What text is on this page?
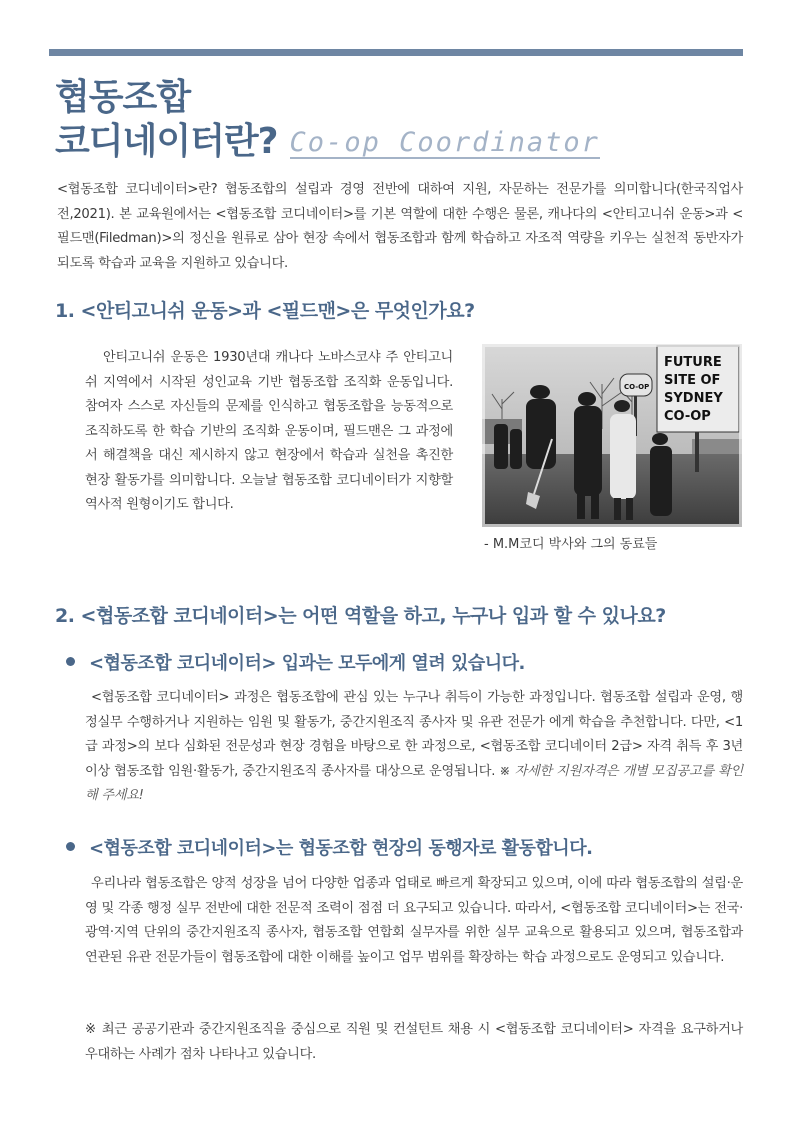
협동조합
코디네이터란? Co-op Coordinator

<협동조합 코디네이터>란? 협동조합의 설립과 경영 전반에 대하여 지원, 자문하는 전문가를 의미합니다(한국직업사전,2021). 본 교육원에서는 <협동조합 코디네이터>를 기본 역할에 대한 수행은 물론, 캐나다의 <안티고니쉬 운동>과 <필드맨(Filedman)>의 정신을 원류로 삼아 현장 속에서 협동조합과 함께 학습하고 자조적 역량을 키우는 실천적 동반자가 되도록 학습과 교육을 지원하고 있습니다.

1. <안티고니쉬 운동>과 <필드맨>은 무엇인가요?

안티고니쉬 운동은 1930년대 캐나다 노바스코샤 주 안티고니쉬 지역에서 시작된 성인교육 기반 협동조합 조직화 운동입니다. 참여자 스스로 자신들의 문제를 인식하고 협동조합을 능동적으로 조직하도록 한 학습 기반의 조직화 운동이며, 필드맨은 그 과정에서 해결책을 대신 제시하지 않고 현장에서 학습과 실천을 촉진한 현장 활동가를 의미합니다. 오늘날 협동조합 코디네이터가 지향할 역사적 원형이기도 합니다.

FUTURE
SITE OF
SYDNEY
CO-OP
CO-OP
- M.M코디 박사와 그의 동료들
2. <협동조합 코디네이터>는 어떤 역할을 하고, 누구나 입과 할 수 있나요?
<협동조합 코디네이터> 입과는 모두에게 열려 있습니다.

<협동조합 코디네이터> 과정은 협동조합에 관심 있는 누구나 취득이 가능한 과정입니다. 협동조합 설립과 운영, 행정실무 수행하거나 지원하는 임원 및 활동가, 중간지원조직 종사자 및 유관 전문가 에게 학습을 추천합니다. 다만, <1급 과정>의 보다 심화된 전문성과 현장 경험을 바탕으로 한 과정으로, <협동조합 코디네이터 2급> 자격 취득 후 3년 이상 협동조합 임원·활동가, 중간지원조직 종사자를 대상으로 운영됩니다. ※ 자세한 지원자격은 개별 모집공고를 확인해 주세요!

<협동조합 코디네이터>는 협동조합 현장의 동행자로 활동합니다.

우리나라 협동조합은 양적 성장을 넘어 다양한 업종과 업태로 빠르게 확장되고 있으며, 이에 따라 협동조합의 설립·운영 및 각종 행정 실무 전반에 대한 전문적 조력이 점점 더 요구되고 있습니다. 따라서, <협동조합 코디네이터>는 전국·광역·지역 단위의 중간지원조직 종사자, 협동조합 연합회 실무자를 위한 실무 교육으로 활용되고 있으며, 협동조합과 연관된 유관 전문가들이 협동조합에 대한 이해를 높이고 업무 범위를 확장하는 학습 과정으로도 운영되고 있습니다.

※ 최근 공공기관과 중간지원조직을 중심으로 직원 및 컨설턴트 채용 시 <협동조합 코디네이터> 자격을 요구하거나 우대하는 사례가 점차 나타나고 있습니다.
